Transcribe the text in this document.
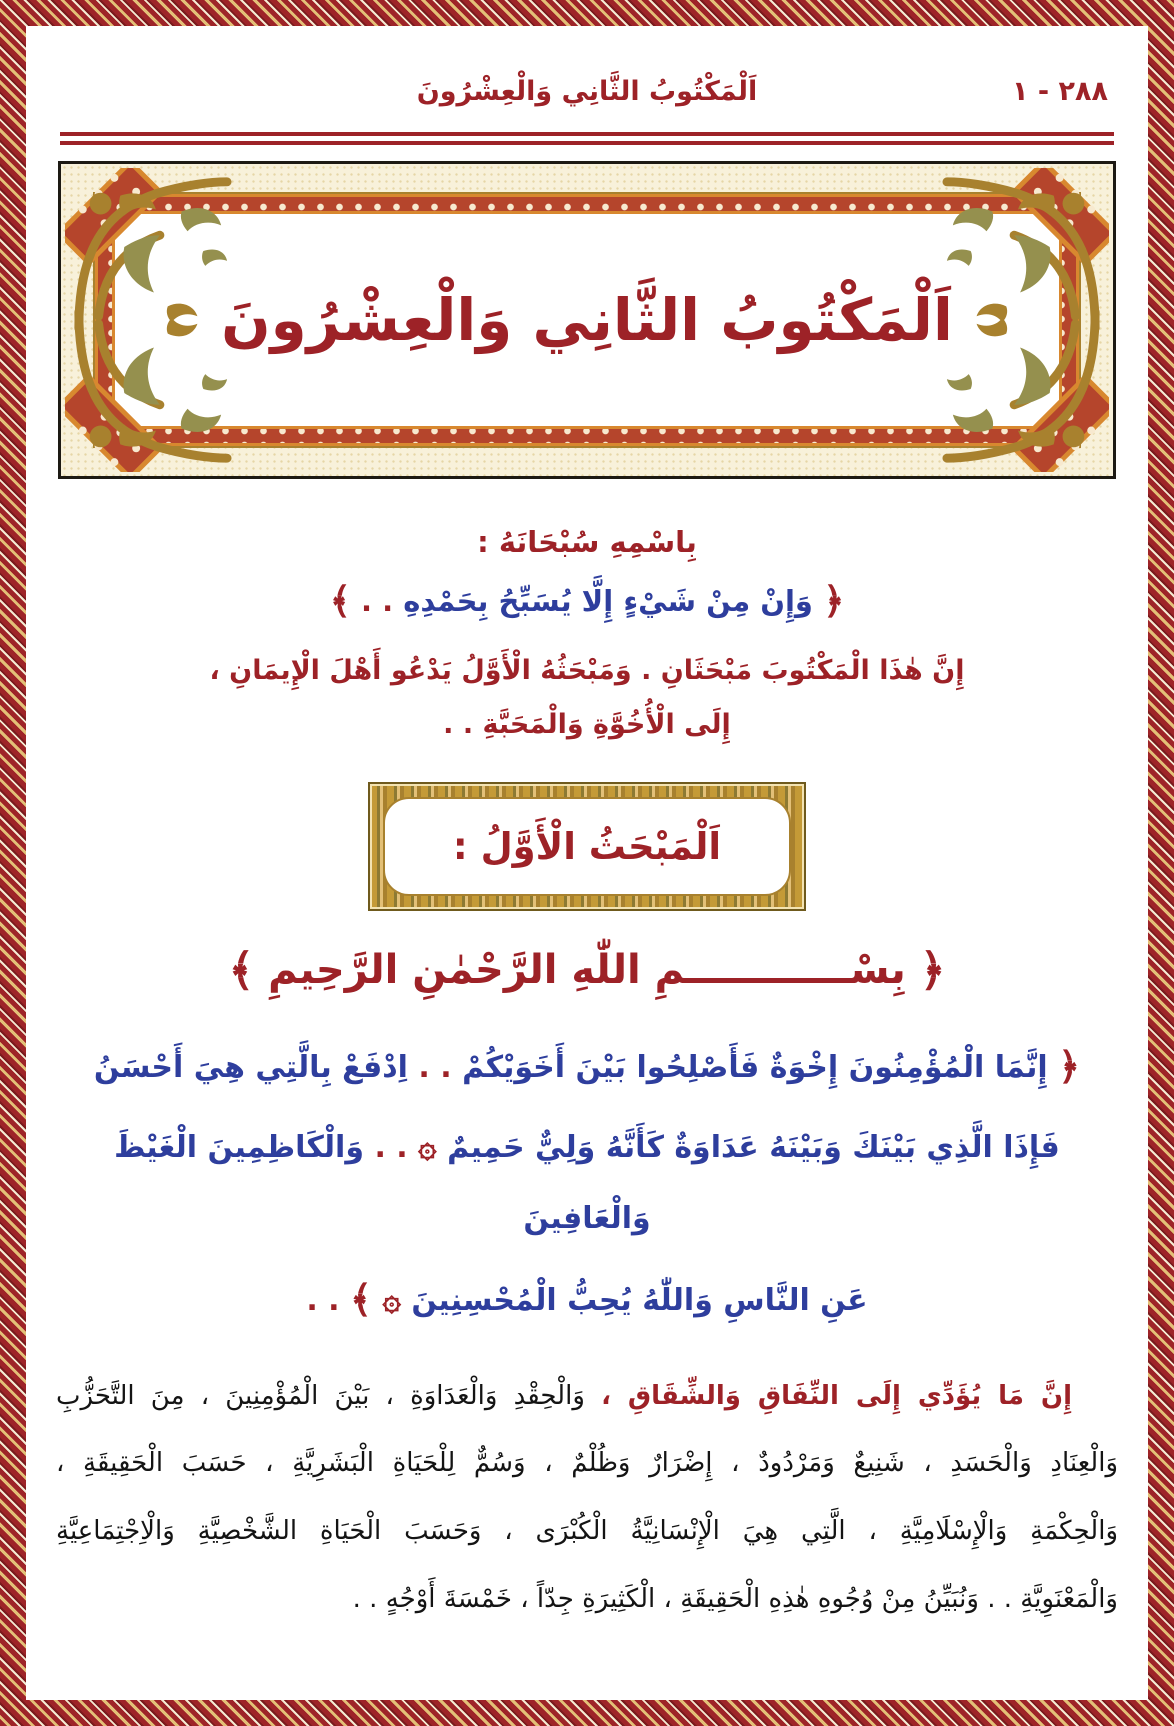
٢٨٨ - ١
اَلْمَكْتُوبُ الثَّانِي وَالْعِشْرُونَ
اَلْمَكْتُوبُ الثَّانِي وَالْعِشْرُونَ
بِاسْمِهِ سُبْحَانَهُ :
﴿ وَإِنْ مِنْ شَيْءٍ إِلَّا يُسَبِّحُ بِحَمْدِهِ . . ﴾
إِنَّ هٰذَا الْمَكْتُوبَ مَبْحَثَانِ . وَمَبْحَثُهُ الْأَوَّلُ يَدْعُو أَهْلَ الْإِيمَانِ ،
إِلَى الْأُخُوَّةِ وَالْمَحَبَّةِ . .
اَلْمَبْحَثُ الْأَوَّلُ :
﴿ بِسْــــــــــــمِ اللّٰهِ الرَّحْمٰنِ الرَّحِيمِ ﴾
﴿ إِنَّمَا الْمُؤْمِنُونَ إِخْوَةٌ فَأَصْلِحُوا بَيْنَ أَخَوَيْكُمْ . . اِدْفَعْ بِالَّتِي هِيَ أَحْسَنُ
فَإِذَا الَّذِي بَيْنَكَ وَبَيْنَهُ عَدَاوَةٌ كَأَنَّهُ وَلِيٌّ حَمِيمٌ ۞ . . وَالْكَاظِمِينَ الْغَيْظَ وَالْعَافِينَ
عَنِ النَّاسِ وَاللّٰهُ يُحِبُّ الْمُحْسِنِينَ ۞ ﴾ . .
إِنَّ مَا يُؤَدِّي إِلَى النِّفَاقِ وَالشِّقَاقِ ، وَالْحِقْدِ وَالْعَدَاوَةِ ، بَيْنَ الْمُؤْمِنِينَ ، مِنَ التَّحَزُّبِ
وَالْعِنَادِ وَالْحَسَدِ ، شَنِيعٌ وَمَرْدُودٌ ، إِضْرَارٌ وَظُلْمٌ ، وَسُمٌّ لِلْحَيَاةِ الْبَشَرِيَّةِ ، حَسَبَ الْحَقِيقَةِ ،
وَالْحِكْمَةِ وَالْإِسْلَامِيَّةِ ، الَّتِي هِيَ الْإِنْسَانِيَّةُ الْكُبْرَى ، وَحَسَبَ الْحَيَاةِ الشَّخْصِيَّةِ وَالْاِجْتِمَاعِيَّةِ
وَالْمَعْنَوِيَّةِ . . وَنُبَيِّنُ مِنْ وُجُوهِ هٰذِهِ الْحَقِيقَةِ ، الْكَثِيرَةِ جِدّاً ، خَمْسَةَ أَوْجُهٍ . .
